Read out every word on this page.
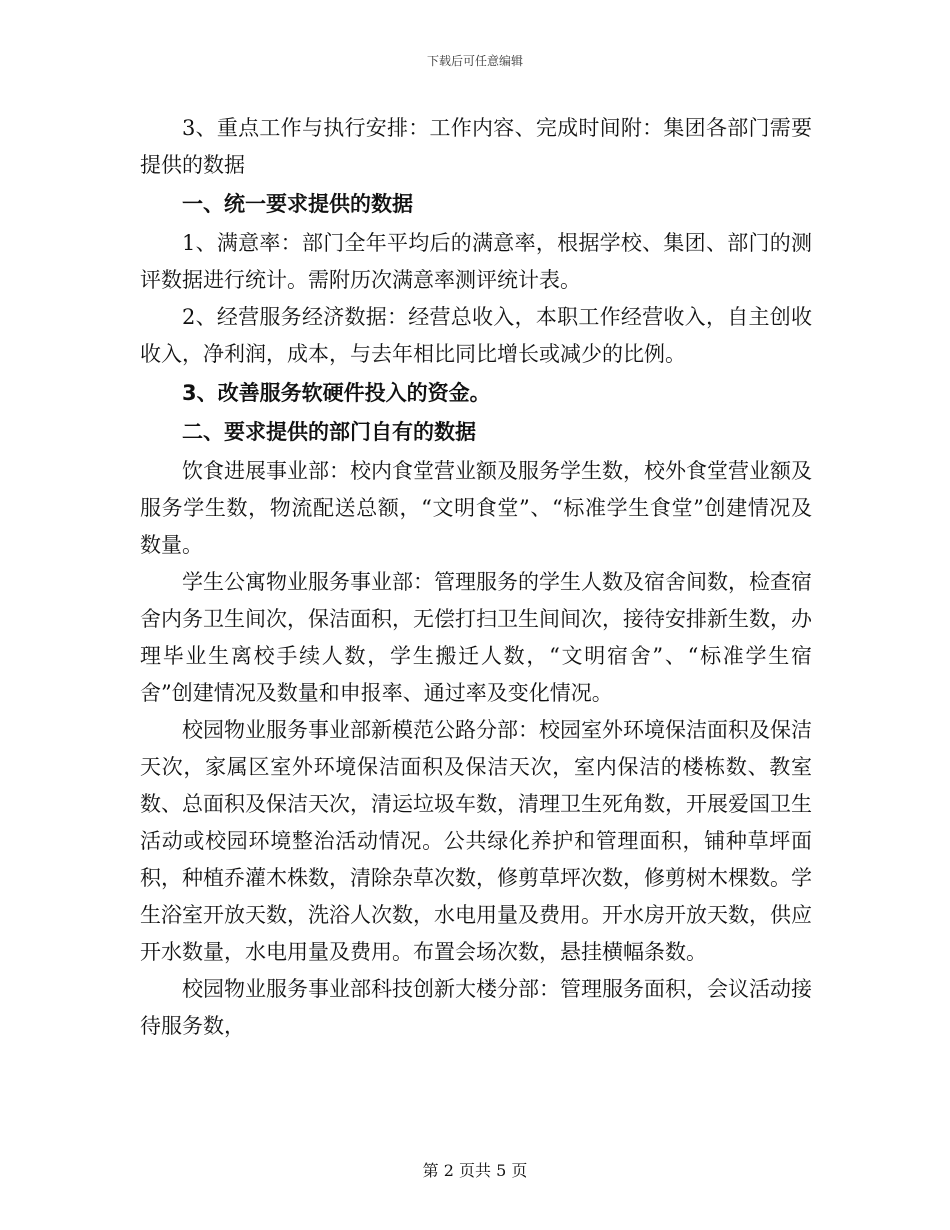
下载后可任意编辑

3、重点工作与执行安排：工作内容、完成时间附：集团各部门需要提供的数据

一、统一要求提供的数据

1、满意率：部门全年平均后的满意率，根据学校、集团、部门的测评数据进行统计。需附历次满意率测评统计表。

2、经营服务经济数据：经营总收入，本职工作经营收入，自主创收收入，净利润，成本，与去年相比同比增长或减少的比例。

3、改善服务软硬件投入的资金。

二、要求提供的部门自有的数据

饮食进展事业部：校内食堂营业额及服务学生数，校外食堂营业额及服务学生数，物流配送总额，“文明食堂”、“标准学生食堂”创建情况及数量。

学生公寓物业服务事业部：管理服务的学生人数及宿舍间数，检查宿舍内务卫生间次，保洁面积，无偿打扫卫生间间次，接待安排新生数，办理毕业生离校手续人数，学生搬迁人数，“文明宿舍”、“标准学生宿舍”创建情况及数量和申报率、通过率及变化情况。

校园物业服务事业部新模范公路分部：校园室外环境保洁面积及保洁天次，家属区室外环境保洁面积及保洁天次，室内保洁的楼栋数、教室数、总面积及保洁天次，清运垃圾车数，清理卫生死角数，开展爱国卫生活动或校园环境整治活动情况。公共绿化养护和管理面积，铺种草坪面积，种植乔灌木株数，清除杂草次数，修剪草坪次数，修剪树木棵数。学生浴室开放天数，洗浴人次数，水电用量及费用。开水房开放天数，供应开水数量，水电用量及费用。布置会场次数，悬挂横幅条数。

校园物业服务事业部科技创新大楼分部：管理服务面积，会议活动接待服务数，

第 2 页共 5 页
